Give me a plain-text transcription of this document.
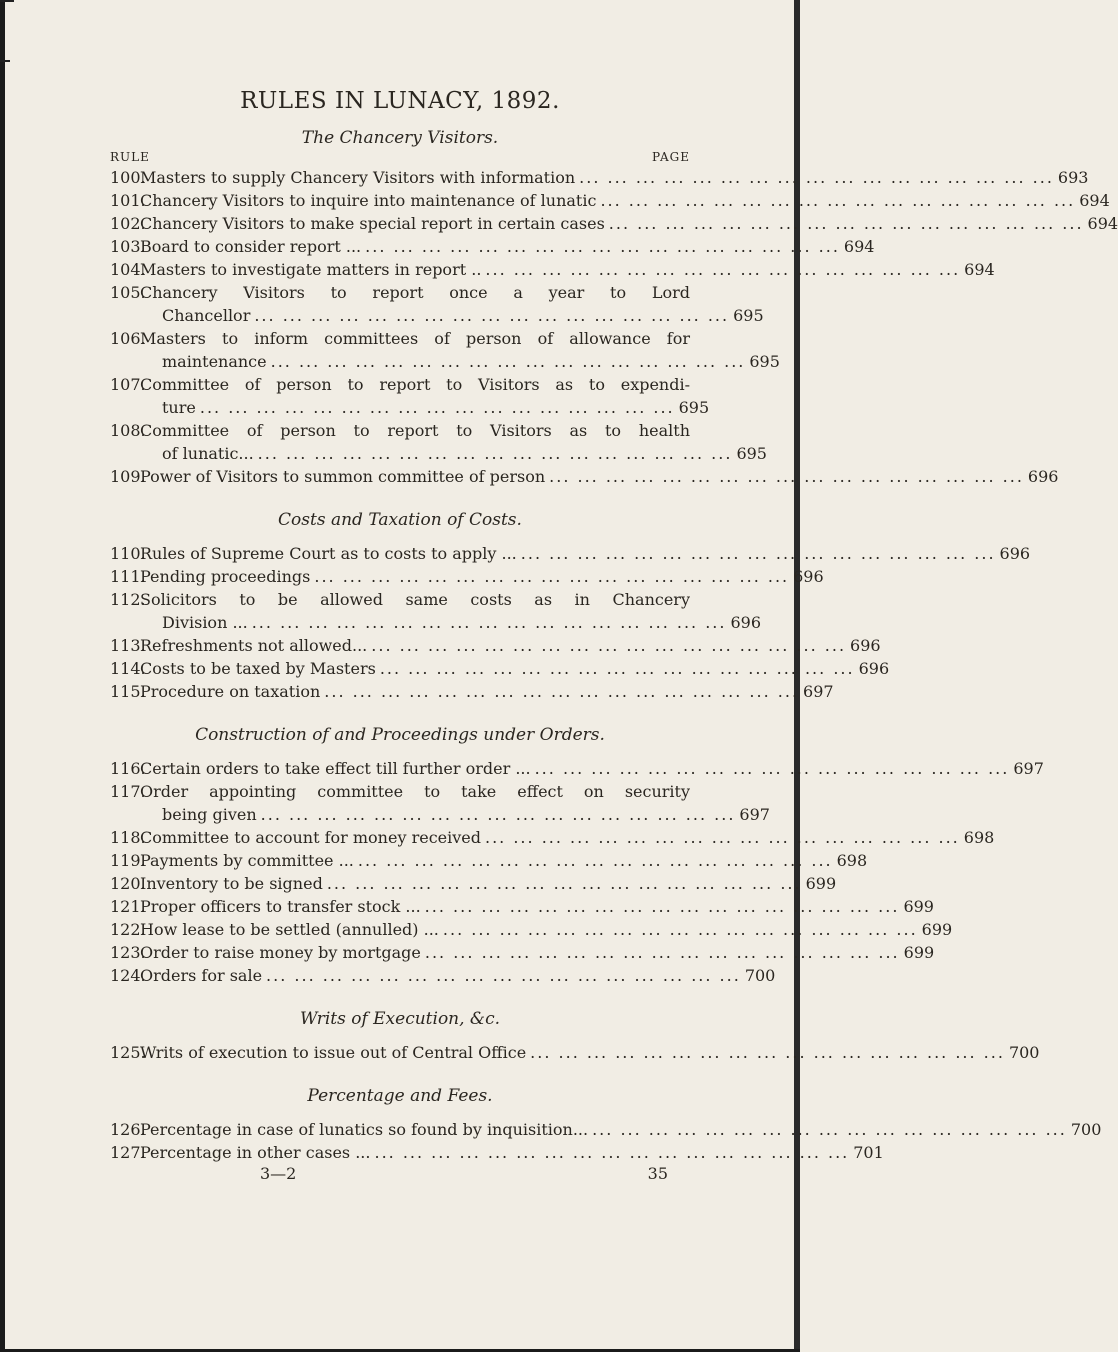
RULES IN LUNACY, 1892.
The Chancery Visitors.
RULE	PAGE
100.
Masters to supply Chancery Visitors with information ... ... ... ... ... ... ... ... ... ... ... ... ... ... ... ... ... 693
101.
Chancery Visitors to inquire into maintenance of lunatic ... ... ... ... ... ... ... ... ... ... ... ... ... ... ... ... ... 694
102.
Chancery Visitors to make special report in certain cases ... ... ... ... ... ... ... ... ... ... ... ... ... ... ... ... ... 694
103.
Board to consider report ... ... ... ... ... ... ... ... ... ... ... ... ... ... ... ... ... ... 694
104.
Masters to investigate matters in report .. ... ... ... ... ... ... ... ... ... ... ... ... ... ... ... ... ... 694
105.
Chancery Visitors to report once a year to Lord
Chancellor ... ... ... ... ... ... ... ... ... ... ... ... ... ... ... ... ... 695
106.
Masters to inform committees of person of allowance for
maintenance ... ... ... ... ... ... ... ... ... ... ... ... ... ... ... ... ... 695
107.
Committee of person to report to Visitors as to expendi-
ture ... ... ... ... ... ... ... ... ... ... ... ... ... ... ... ... ... 695
108.
Committee of person to report to Visitors as to health
of lunatic... ... ... ... ... ... ... ... ... ... ... ... ... ... ... ... ... ... 695
109.
Power of Visitors to summon committee of person ... ... ... ... ... ... ... ... ... ... ... ... ... ... ... ... ... 696
Costs and Taxation of Costs.
110.
Rules of Supreme Court as to costs to apply ... ... ... ... ... ... ... ... ... ... ... ... ... ... ... ... ... ... 696
111.
Pending proceedings ... ... ... ... ... ... ... ... ... ... ... ... ... ... ... ... ... 696
112.
Solicitors to be allowed same costs as in Chancery
Division ... ... ... ... ... ... ... ... ... ... ... ... ... ... ... ... ... ... 696
113.
Refreshments not allowed... ... ... ... ... ... ... ... ... ... ... ... ... ... ... ... ... ... 696
114.
Costs to be taxed by Masters ... ... ... ... ... ... ... ... ... ... ... ... ... ... ... ... ... 696
115.
Procedure on taxation ... ... ... ... ... ... ... ... ... ... ... ... ... ... ... ... ... 697
Construction of and Proceedings under Orders.
116.
Certain orders to take effect till further order ... ... ... ... ... ... ... ... ... ... ... ... ... ... ... ... ... ... 697
117.
Order appointing committee to take effect on security
being given ... ... ... ... ... ... ... ... ... ... ... ... ... ... ... ... ... 697
118.
Committee to account for money received ... ... ... ... ... ... ... ... ... ... ... ... ... ... ... ... ... 698
119.
Payments by committee ... ... ... ... ... ... ... ... ... ... ... ... ... ... ... ... ... ... 698
120.
Inventory to be signed ... ... ... ... ... ... ... ... ... ... ... ... ... ... ... ... ... 699
121.
Proper officers to transfer stock ... ... ... ... ... ... ... ... ... ... ... ... ... ... ... ... ... ... 699
122.
How lease to be settled (annulled) ... ... ... ... ... ... ... ... ... ... ... ... ... ... ... ... ... ... 699
123.
Order to raise money by mortgage ... ... ... ... ... ... ... ... ... ... ... ... ... ... ... ... ... 699
124.
Orders for sale ... ... ... ... ... ... ... ... ... ... ... ... ... ... ... ... ... 700
Writs of Execution, &c.
125.
Writs of execution to issue out of Central Office ... ... ... ... ... ... ... ... ... ... ... ... ... ... ... ... ... 700
Percentage and Fees.
126.
Percentage in case of lunatics so found by inquisition... ... ... ... ... ... ... ... ... ... ... ... ... ... ... ... ... ... 700
127.
Percentage in other cases ... ... ... ... ... ... ... ... ... ... ... ... ... ... ... ... ... ... 701
3—2	35
